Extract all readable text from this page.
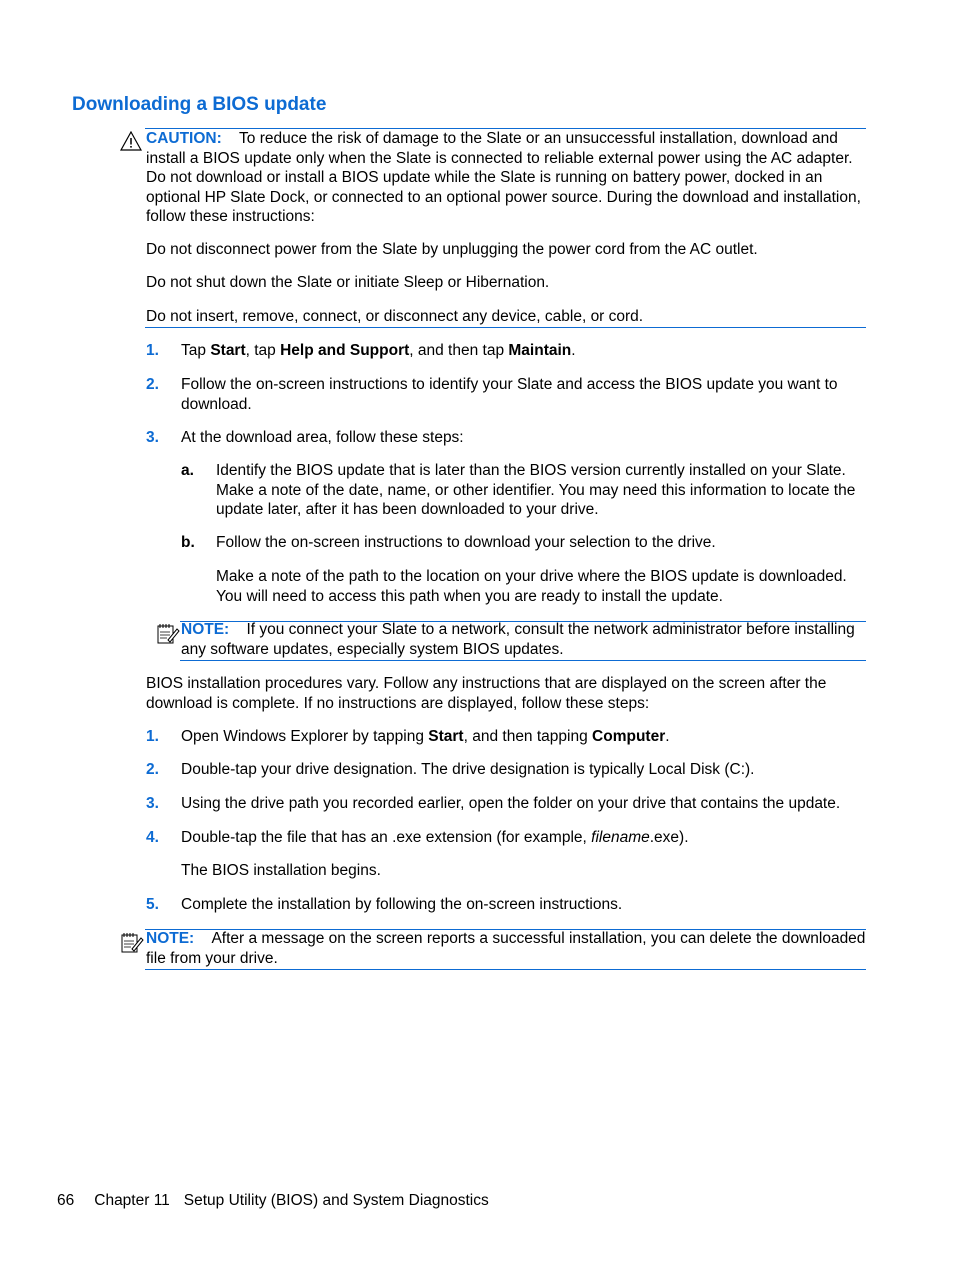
Downloading a BIOS update
CAUTION: To reduce the risk of damage to the Slate or an unsuccessful installation, download and install a BIOS update only when the Slate is connected to reliable external power using the AC adapter. Do not download or install a BIOS update while the Slate is running on battery power, docked in an optional HP Slate Dock, or connected to an optional power source. During the download and installation, follow these instructions:
Do not disconnect power from the Slate by unplugging the power cord from the AC outlet.
Do not shut down the Slate or initiate Sleep or Hibernation.
Do not insert, remove, connect, or disconnect any device, cable, or cord.
1. Tap Start, tap Help and Support, and then tap Maintain.
2. Follow the on-screen instructions to identify your Slate and access the BIOS update you want to download.
3. At the download area, follow these steps:
a. Identify the BIOS update that is later than the BIOS version currently installed on your Slate. Make a note of the date, name, or other identifier. You may need this information to locate the update later, after it has been downloaded to your drive.
b. Follow the on-screen instructions to download your selection to the drive.
Make a note of the path to the location on your drive where the BIOS update is downloaded. You will need to access this path when you are ready to install the update.
NOTE: If you connect your Slate to a network, consult the network administrator before installing any software updates, especially system BIOS updates.
BIOS installation procedures vary. Follow any instructions that are displayed on the screen after the download is complete. If no instructions are displayed, follow these steps:
1. Open Windows Explorer by tapping Start, and then tapping Computer.
2. Double-tap your drive designation. The drive designation is typically Local Disk (C:).
3. Using the drive path you recorded earlier, open the folder on your drive that contains the update.
4. Double-tap the file that has an .exe extension (for example, filename.exe).
The BIOS installation begins.
5. Complete the installation by following the on-screen instructions.
NOTE: After a message on the screen reports a successful installation, you can delete the downloaded file from your drive.
66 Chapter 11 Setup Utility (BIOS) and System Diagnostics
